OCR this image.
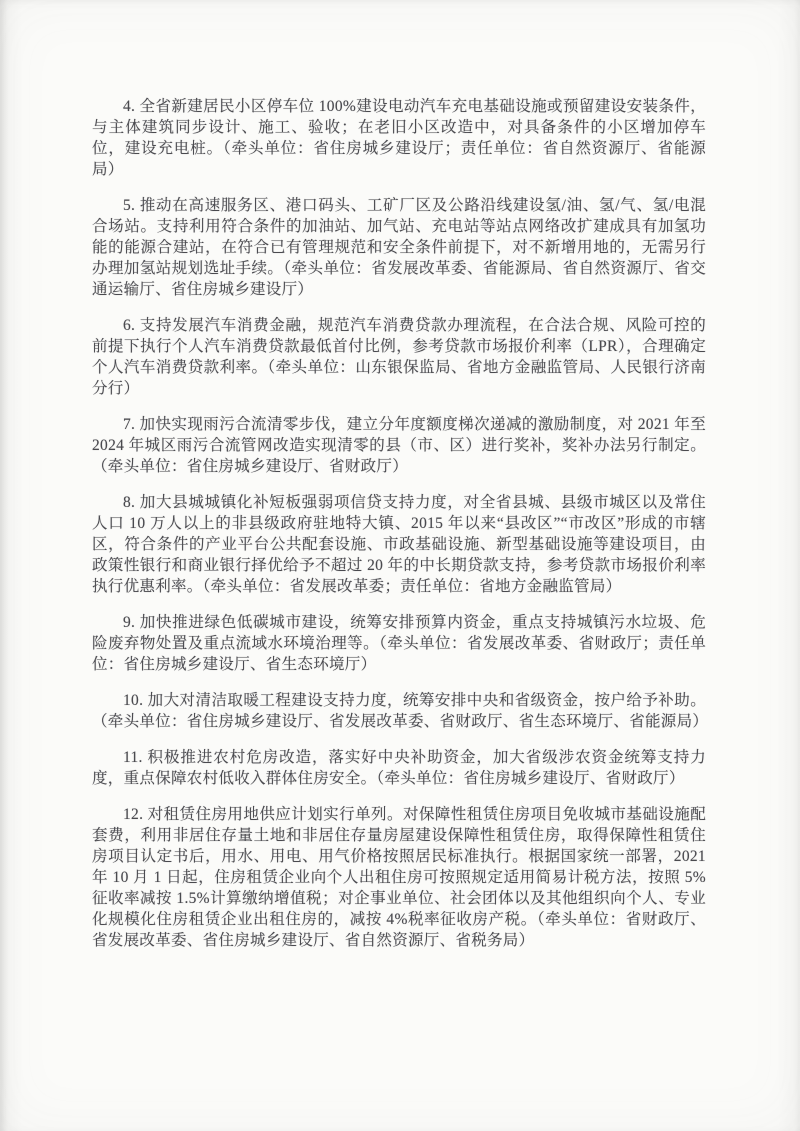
4. 全省新建居民小区停车位 100%建设电动汽车充电基础设施或预留建设安装条件，与主体建筑同步设计、施工、验收；在老旧小区改造中，对具备条件的小区增加停车位，建设充电桩。（牵头单位：省住房城乡建设厅；责任单位：省自然资源厅、省能源局）

5. 推动在高速服务区、港口码头、工矿厂区及公路沿线建设氢/油、氢/气、氢/电混合场站。支持利用符合条件的加油站、加气站、充电站等站点网络改扩建成具有加氢功能的能源合建站，在符合已有管理规范和安全条件前提下，对不新增用地的，无需另行办理加氢站规划选址手续。（牵头单位：省发展改革委、省能源局、省自然资源厅、省交通运输厅、省住房城乡建设厅）

6. 支持发展汽车消费金融，规范汽车消费贷款办理流程，在合法合规、风险可控的前提下执行个人汽车消费贷款最低首付比例，参考贷款市场报价利率（LPR），合理确定个人汽车消费贷款利率。（牵头单位：山东银保监局、省地方金融监管局、人民银行济南分行）

7. 加快实现雨污合流清零步伐，建立分年度额度梯次递减的激励制度，对 2021 年至 2024 年城区雨污合流管网改造实现清零的县（市、区）进行奖补，奖补办法另行制定。（牵头单位：省住房城乡建设厅、省财政厅）

8. 加大县城城镇化补短板强弱项信贷支持力度，对全省县城、县级市城区以及常住人口 10 万人以上的非县级政府驻地特大镇、2015 年以来“县改区”“市改区”形成的市辖区，符合条件的产业平台公共配套设施、市政基础设施、新型基础设施等建设项目，由政策性银行和商业银行择优给予不超过 20 年的中长期贷款支持，参考贷款市场报价利率执行优惠利率。（牵头单位：省发展改革委；责任单位：省地方金融监管局）

9. 加快推进绿色低碳城市建设，统筹安排预算内资金，重点支持城镇污水垃圾、危险废弃物处置及重点流域水环境治理等。（牵头单位：省发展改革委、省财政厅；责任单位：省住房城乡建设厅、省生态环境厅）

10. 加大对清洁取暖工程建设支持力度，统筹安排中央和省级资金，按户给予补助。（牵头单位：省住房城乡建设厅、省发展改革委、省财政厅、省生态环境厅、省能源局）

11. 积极推进农村危房改造，落实好中央补助资金，加大省级涉农资金统筹支持力度，重点保障农村低收入群体住房安全。（牵头单位：省住房城乡建设厅、省财政厅）

12. 对租赁住房用地供应计划实行单列。对保障性租赁住房项目免收城市基础设施配套费，利用非居住存量土地和非居住存量房屋建设保障性租赁住房，取得保障性租赁住房项目认定书后，用水、用电、用气价格按照居民标准执行。根据国家统一部署，2021 年 10 月 1 日起，住房租赁企业向个人出租住房可按照规定适用简易计税方法，按照 5%征收率减按 1.5%计算缴纳增值税；对企事业单位、社会团体以及其他组织向个人、专业化规模化住房租赁企业出租住房的，减按 4%税率征收房产税。（牵头单位：省财政厅、省发展改革委、省住房城乡建设厅、省自然资源厅、省税务局）
